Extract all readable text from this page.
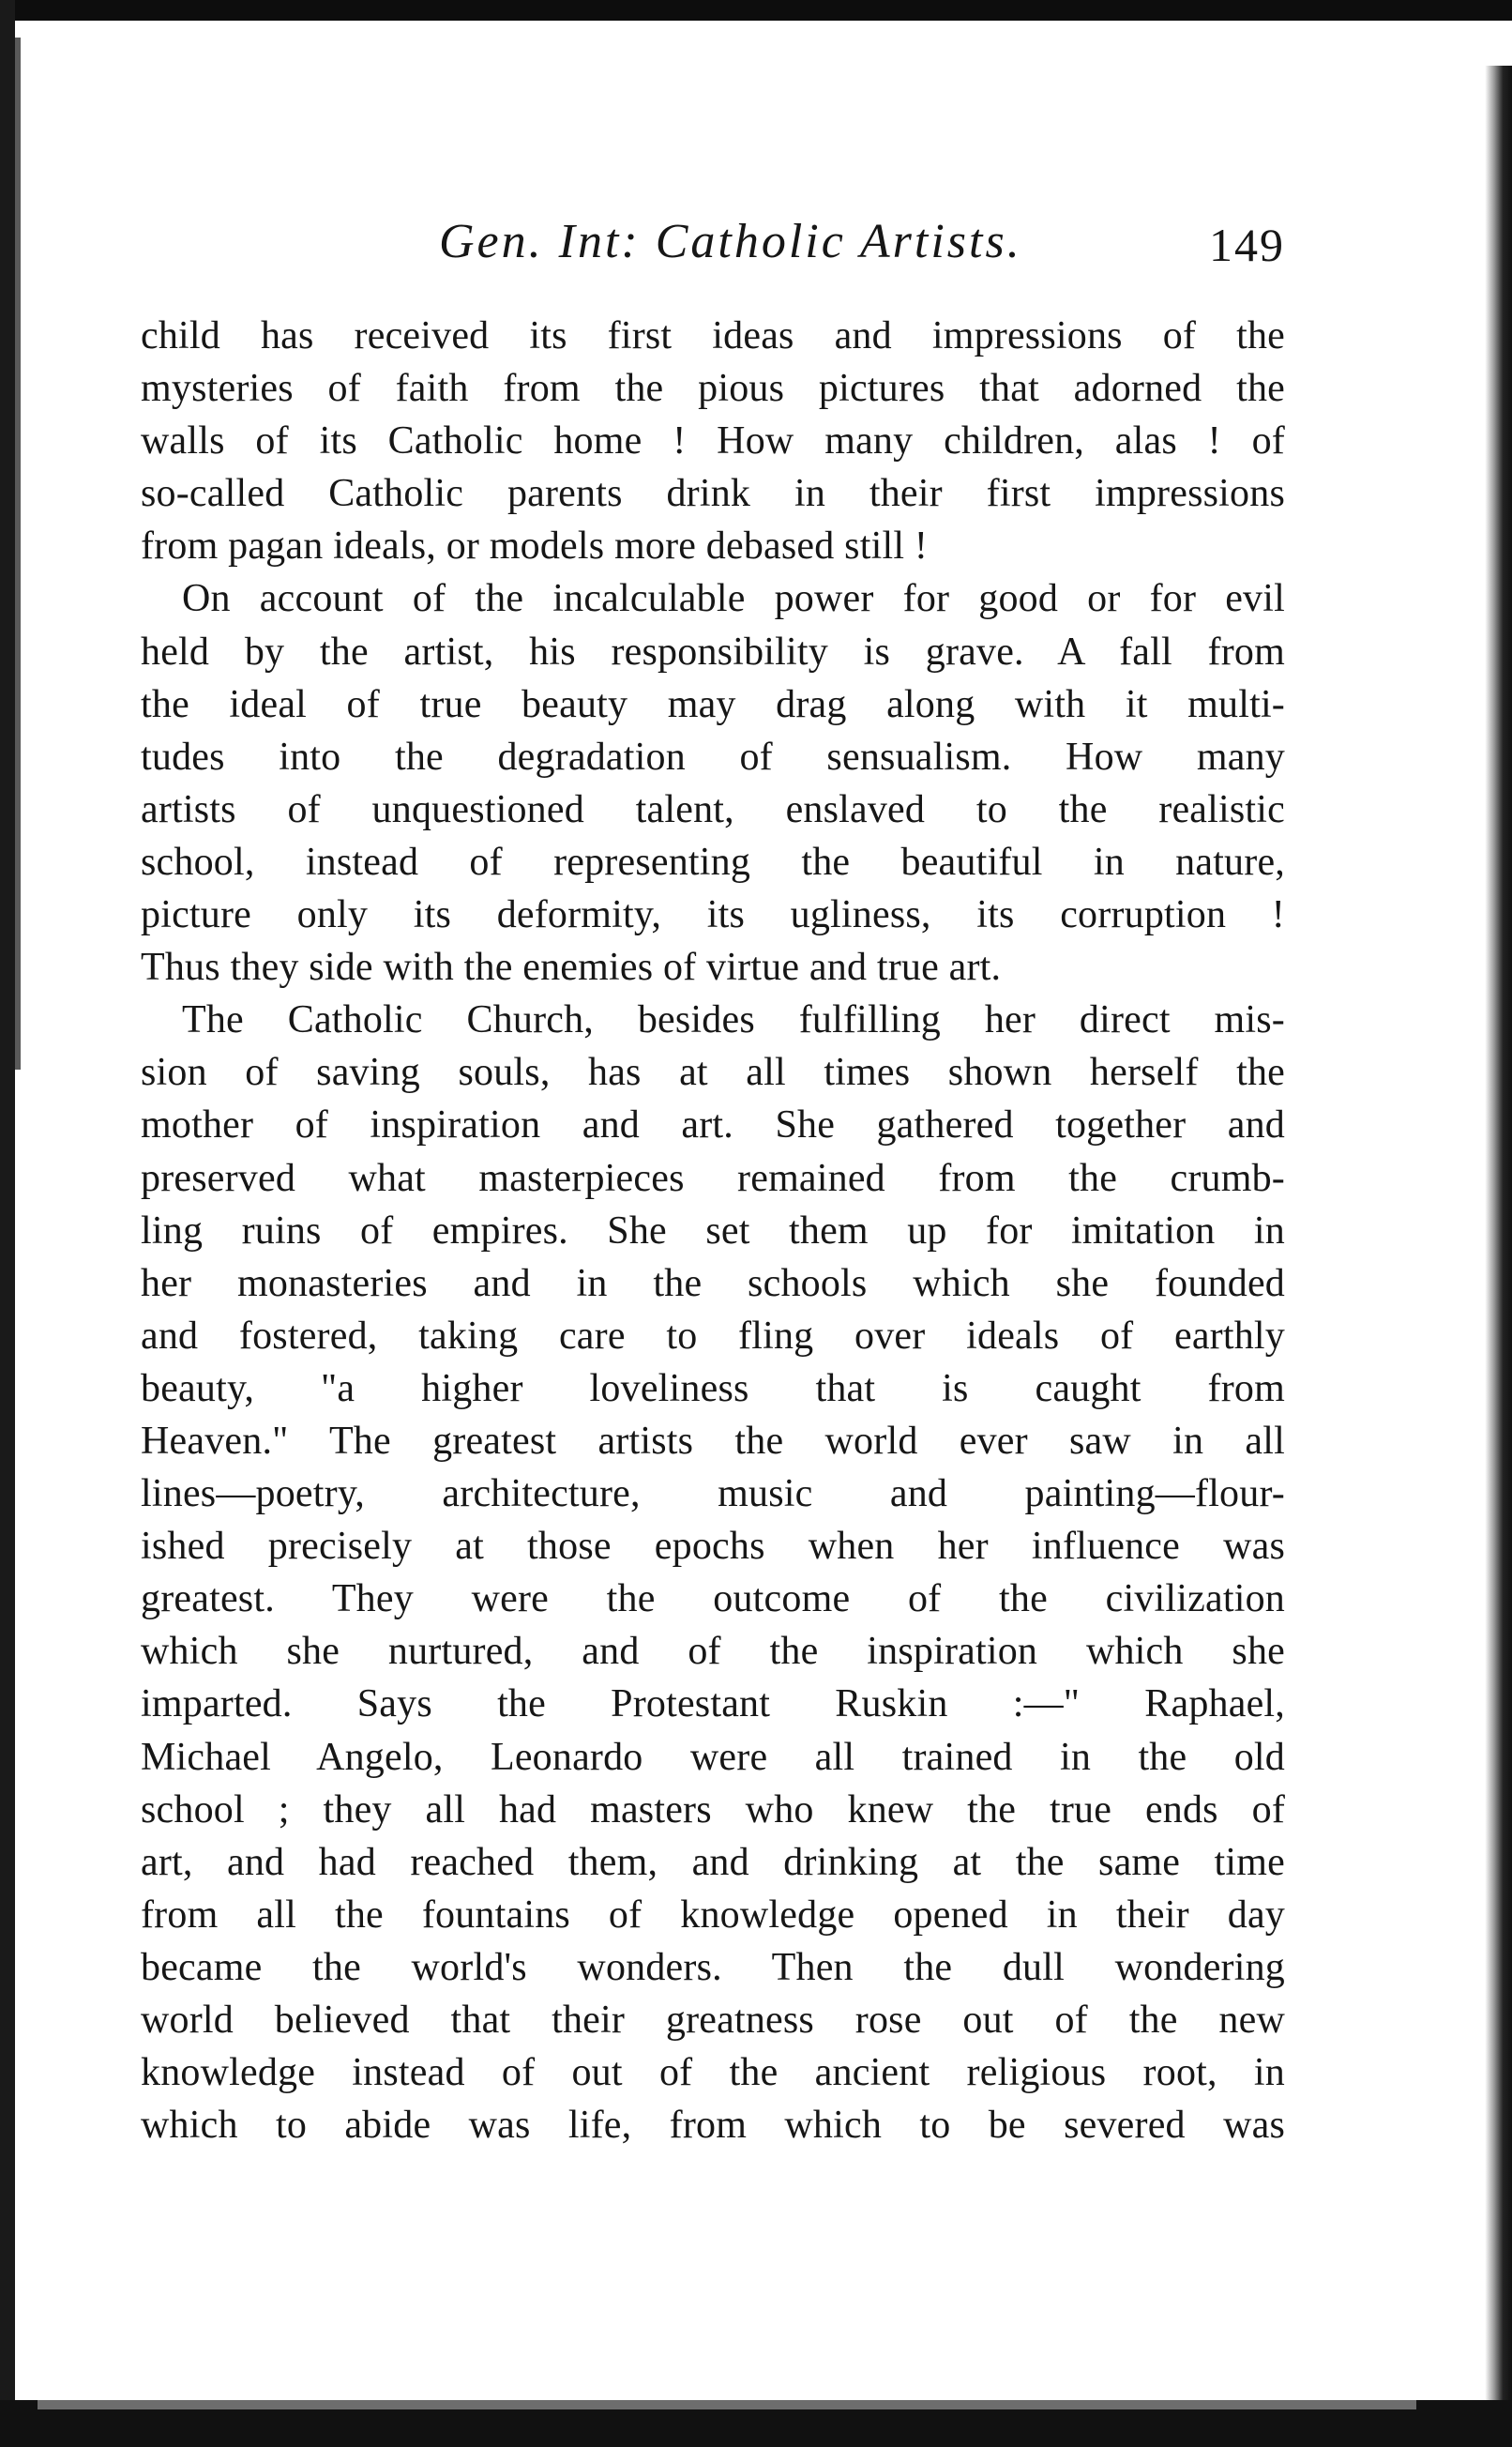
Gen. Int: Catholic Artists.	149
child has received its first ideas and impressions of the
mysteries of faith from the pious pictures that adorned the
walls of its Catholic home ! How many children, alas ! of
so-called Catholic parents drink in their first impressions
from pagan ideals, or models more debased still !
On account of the incalculable power for good or for evil
held by the artist, his responsibility is grave. A fall from
the ideal of true beauty may drag along with it multi-
tudes into the degradation of sensualism. How many
artists of unquestioned talent, enslaved to the realistic
school, instead of representing the beautiful in nature,
picture only its deformity, its ugliness, its corruption !
Thus they side with the enemies of virtue and true art.
The Catholic Church, besides fulfilling her direct mis-
sion of saving souls, has at all times shown herself the
mother of inspiration and art. She gathered together and
preserved what masterpieces remained from the crumb-
ling ruins of empires. She set them up for imitation in
her monasteries and in the schools which she founded
and fostered, taking care to fling over ideals of earthly
beauty, "a higher loveliness that is caught from
Heaven." The greatest artists the world ever saw in all
lines—poetry, architecture, music and painting—flour-
ished precisely at those epochs when her influence was
greatest. They were the outcome of the civilization
which she nurtured, and of the inspiration which she
imparted. Says the Protestant Ruskin :—" Raphael,
Michael Angelo, Leonardo were all trained in the old
school ; they all had masters who knew the true ends of
art, and had reached them, and drinking at the same time
from all the fountains of knowledge opened in their day
became the world's wonders. Then the dull wondering
world believed that their greatness rose out of the new
knowledge instead of out of the ancient religious root, in
which to abide was life, from which to be severed was
